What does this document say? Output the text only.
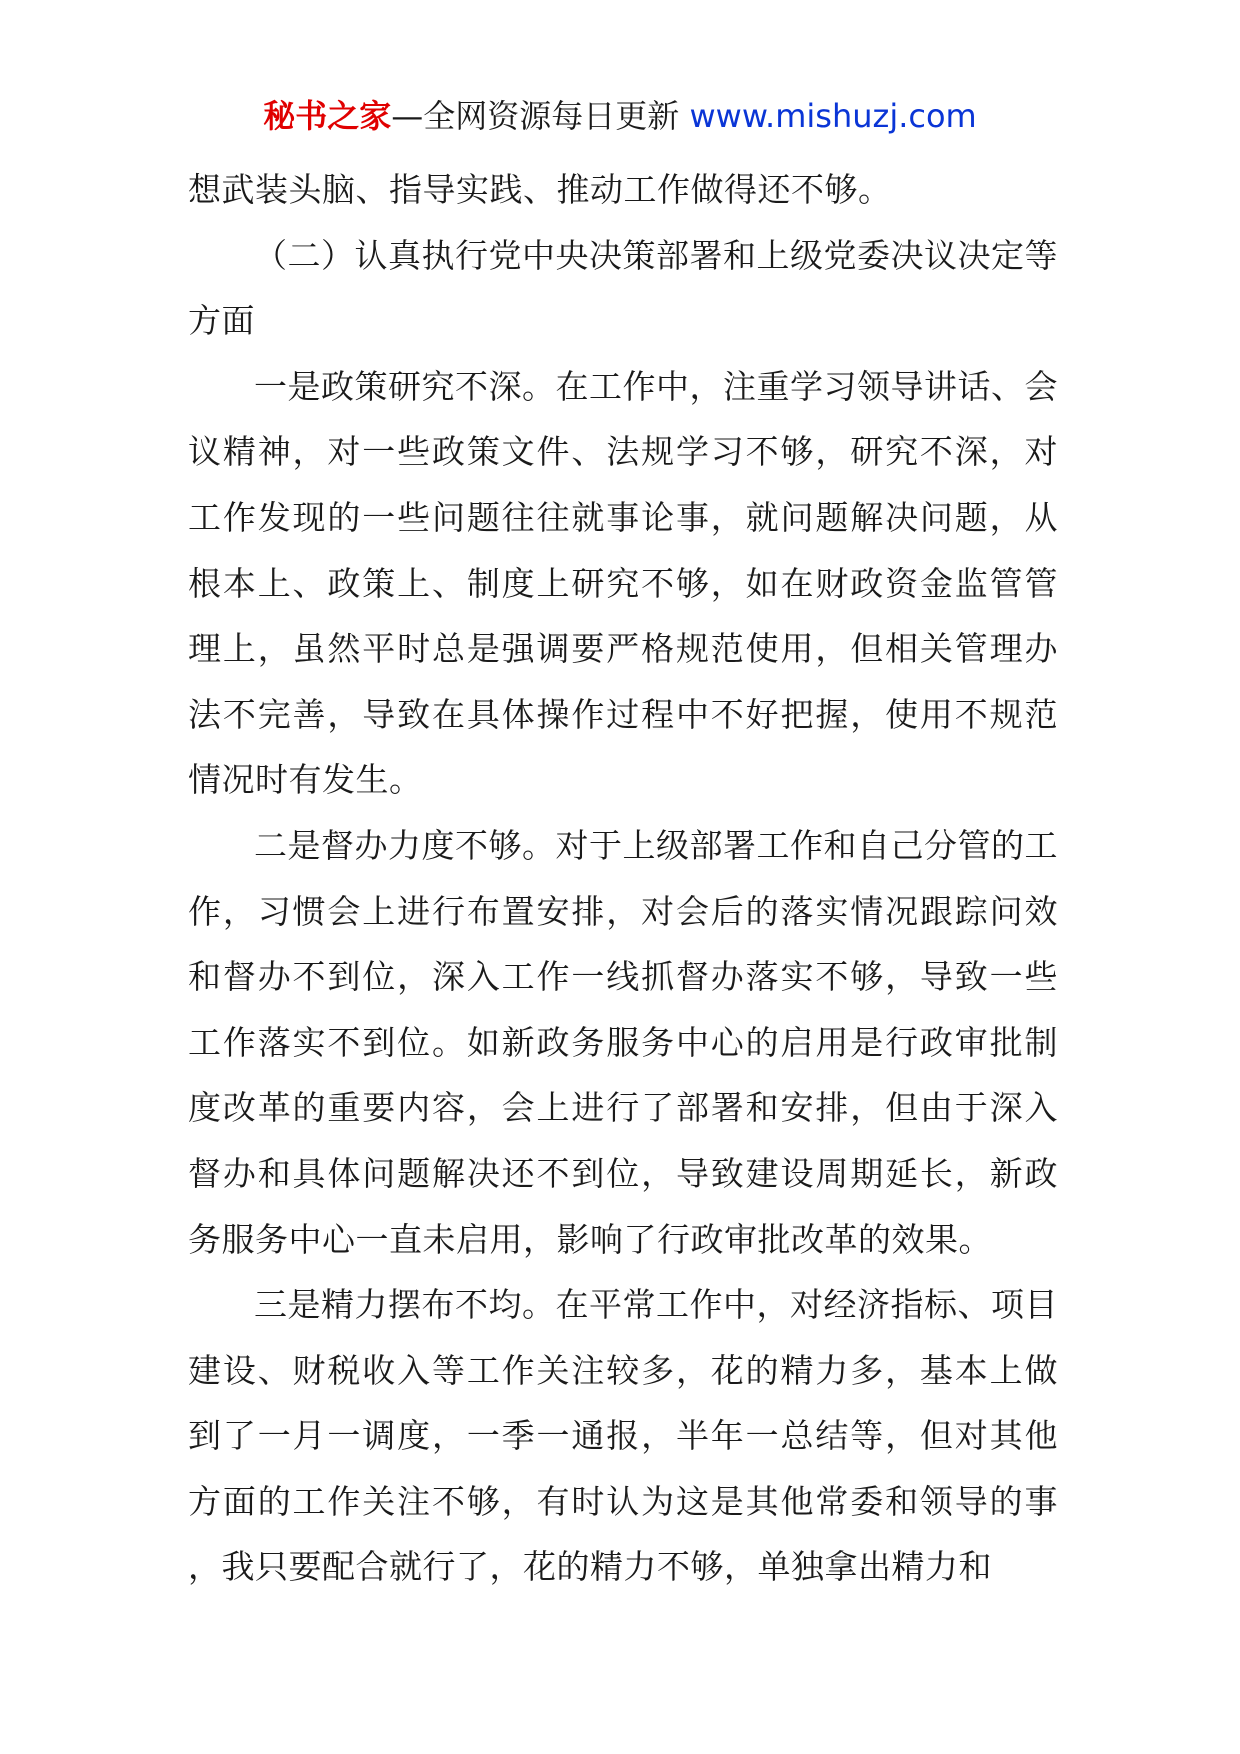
秘书之家—全网资源每日更新 www.mishuzj.com

想武装头脑、指导实践、推动工作做得还不够。

（二）认真执行党中央决策部署和上级党委决议决定等方面

一是政策研究不深。在工作中，注重学习领导讲话、会议精神，对一些政策文件、法规学习不够，研究不深，对工作发现的一些问题往往就事论事，就问题解决问题，从根本上、政策上、制度上研究不够，如在财政资金监管管理上，虽然平时总是强调要严格规范使用，但相关管理办法不完善，导致在具体操作过程中不好把握，使用不规范情况时有发生。

二是督办力度不够。对于上级部署工作和自己分管的工作，习惯会上进行布置安排，对会后的落实情况跟踪问效和督办不到位，深入工作一线抓督办落实不够，导致一些工作落实不到位。如新政务服务中心的启用是行政审批制度改革的重要内容，会上进行了部署和安排，但由于深入督办和具体问题解决还不到位，导致建设周期延长，新政务服务中心一直未启用，影响了行政审批改革的效果。

三是精力摆布不均。在平常工作中，对经济指标、项目建设、财税收入等工作关注较多，花的精力多，基本上做到了一月一调度，一季一通报，半年一总结等，但对其他方面的工作关注不够，有时认为这是其他常委和领导的事，我只要配合就行了，花的精力不够，单独拿出精力和
